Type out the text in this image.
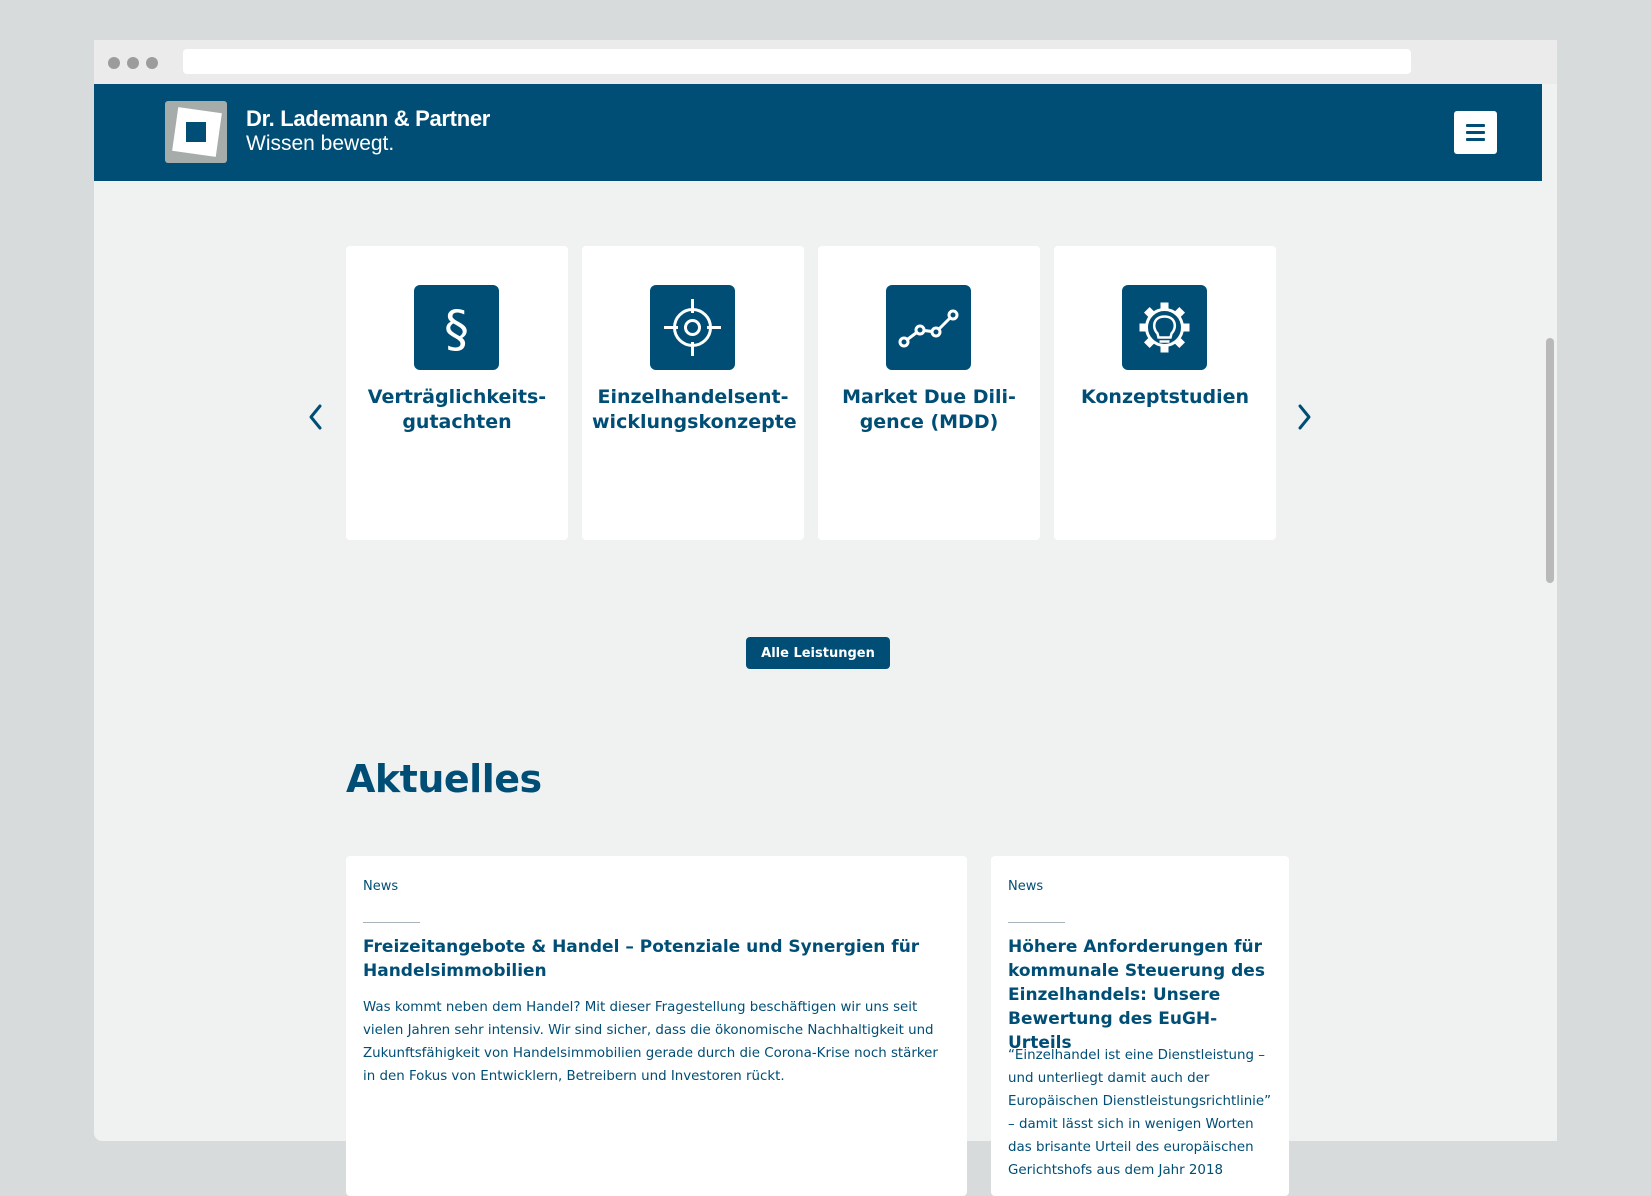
Dr. Lademann & Partner
Wissen bewegt.
§
Verträglichkeits-
gutachten
Einzelhandelsent-
wicklungskonzepte
Market Due Dili-
gence (MDD)
Konzeptstudien
Alle Leistungen
Aktuelles
News
Freizeitangebote & Handel – Potenziale und Synergien für Handelsimmobilien
Was kommt neben dem Handel? Mit dieser Fragestellung beschäftigen wir uns seit vielen Jahren sehr intensiv. Wir sind sicher, dass die ökonomische Nachhaltigkeit und Zukunftsfähigkeit von Handelsimmobilien gerade durch die Corona-Krise noch stärker in den Fokus von Entwicklern, Betreibern und Investoren rückt.
News
Höhere Anforderungen für kommunale Steuerung des Einzelhandels: Unsere Bewertung des EuGH-Urteils
“Einzelhandel ist eine Dienstleistung – und unterliegt damit auch der Europäischen Dienstleistungsrichtlinie” – damit lässt sich in wenigen Worten das brisante Urteil des europäischen Gerichtshofs aus dem Jahr 2018
